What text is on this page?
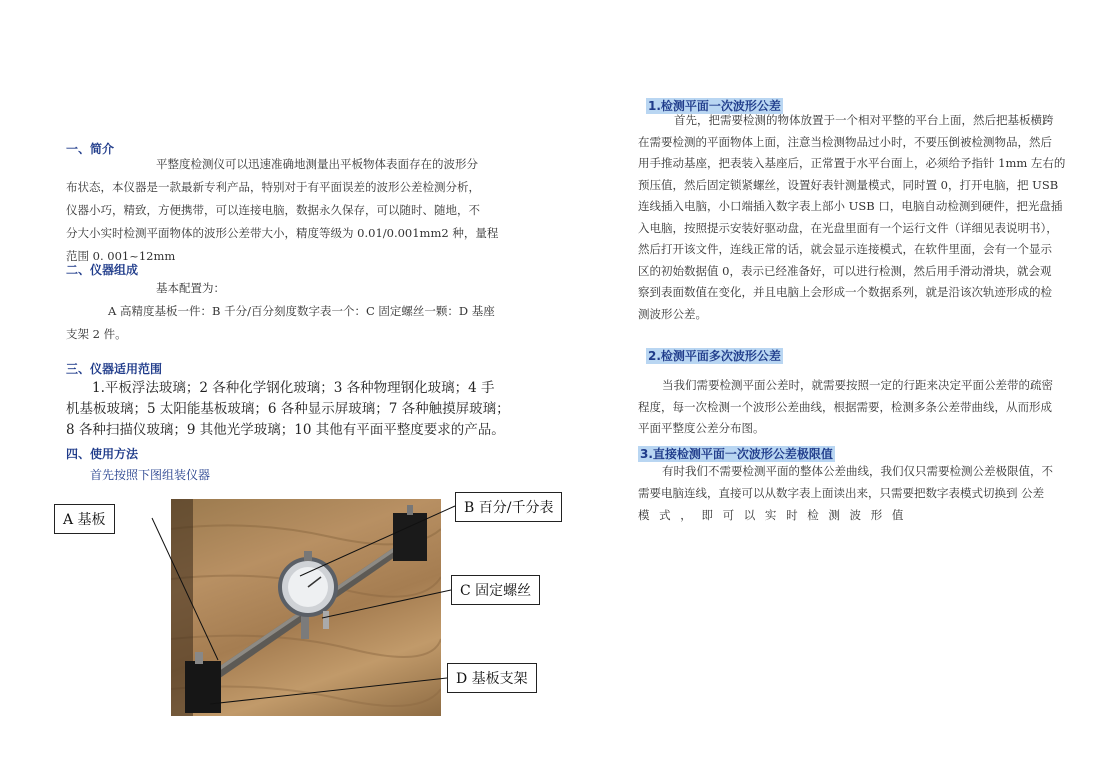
一、简介
平整度检测仪可以迅速准确地测量出平板物体表面存在的波形分
布状态，本仪器是一款最新专利产品，特别对于有平面误差的波形公差检测分析，
仪器小巧，精致，方便携带，可以连接电脑，数据永久保存，可以随时、随地，不
分大小实时检测平面物体的波形公差带大小，精度等级为 0.01/0.001mm2 种，量程
范围 0. 001~12mm
二、仪器组成
基本配置为：
A 高精度基板一件：B 千分/百分刻度数字表一个：C 固定螺丝一颗：D 基座
支架 2 件。
三、仪器适用范围
1.平板浮法玻璃；2 各种化学钢化玻璃；3 各种物理钢化玻璃；4 手
机基板玻璃；5 太阳能基板玻璃；6 各种显示屏玻璃；7 各种触摸屏玻璃；
8 各种扫描仪玻璃；9 其他光学玻璃；10 其他有平面平整度要求的产品。
四、使用方法
首先按照下图组装仪器
A 基板
B 百分/千分表
C 固定螺丝
D 基板支架
1.检测平面一次波形公差
首先，把需要检测的物体放置于一个相对平整的平台上面，然后把基板横跨
在需要检测的平面物体上面，注意当检测物品过小时，不要压倒被检测物品，然后
用手推动基座，把表装入基座后，正常置于水平台面上，必须给予指针 1mm 左右的
预压值，然后固定锁紧螺丝，设置好表针测量模式，同时置 0，打开电脑，把 USB
连线插入电脑，小口端插入数字表上部小 USB 口，电脑自动检测到硬件，把光盘插
入电脑，按照提示安装好驱动盘，在光盘里面有一个运行文件（详细见表说明书），
然后打开该文件，连线正常的话，就会显示连接模式，在软件里面，会有一个显示
区的初始数据值 0，表示已经准备好，可以进行检测，然后用手滑动滑块，就会观
察到表面数值在变化，并且电脑上会形成一个数据系列，就是沿该次轨迹形成的检
测波形公差。
2.检测平面多次波形公差
当我们需要检测平面公差时，就需要按照一定的行距来决定平面公差带的疏密
程度，每一次检测一个波形公差曲线，根据需要，检测多条公差带曲线，从而形成
平面平整度公差分布图。
3.直接检测平面一次波形公差极限值
有时我们不需要检测平面的整体公差曲线，我们仅只需要检测公差极限值，不
需要电脑连线，直接可以从数字表上面读出来，只需要把数字表模式切换到 公差
模 式 ， 即 可 以 实 时 检 测 波 形 值
